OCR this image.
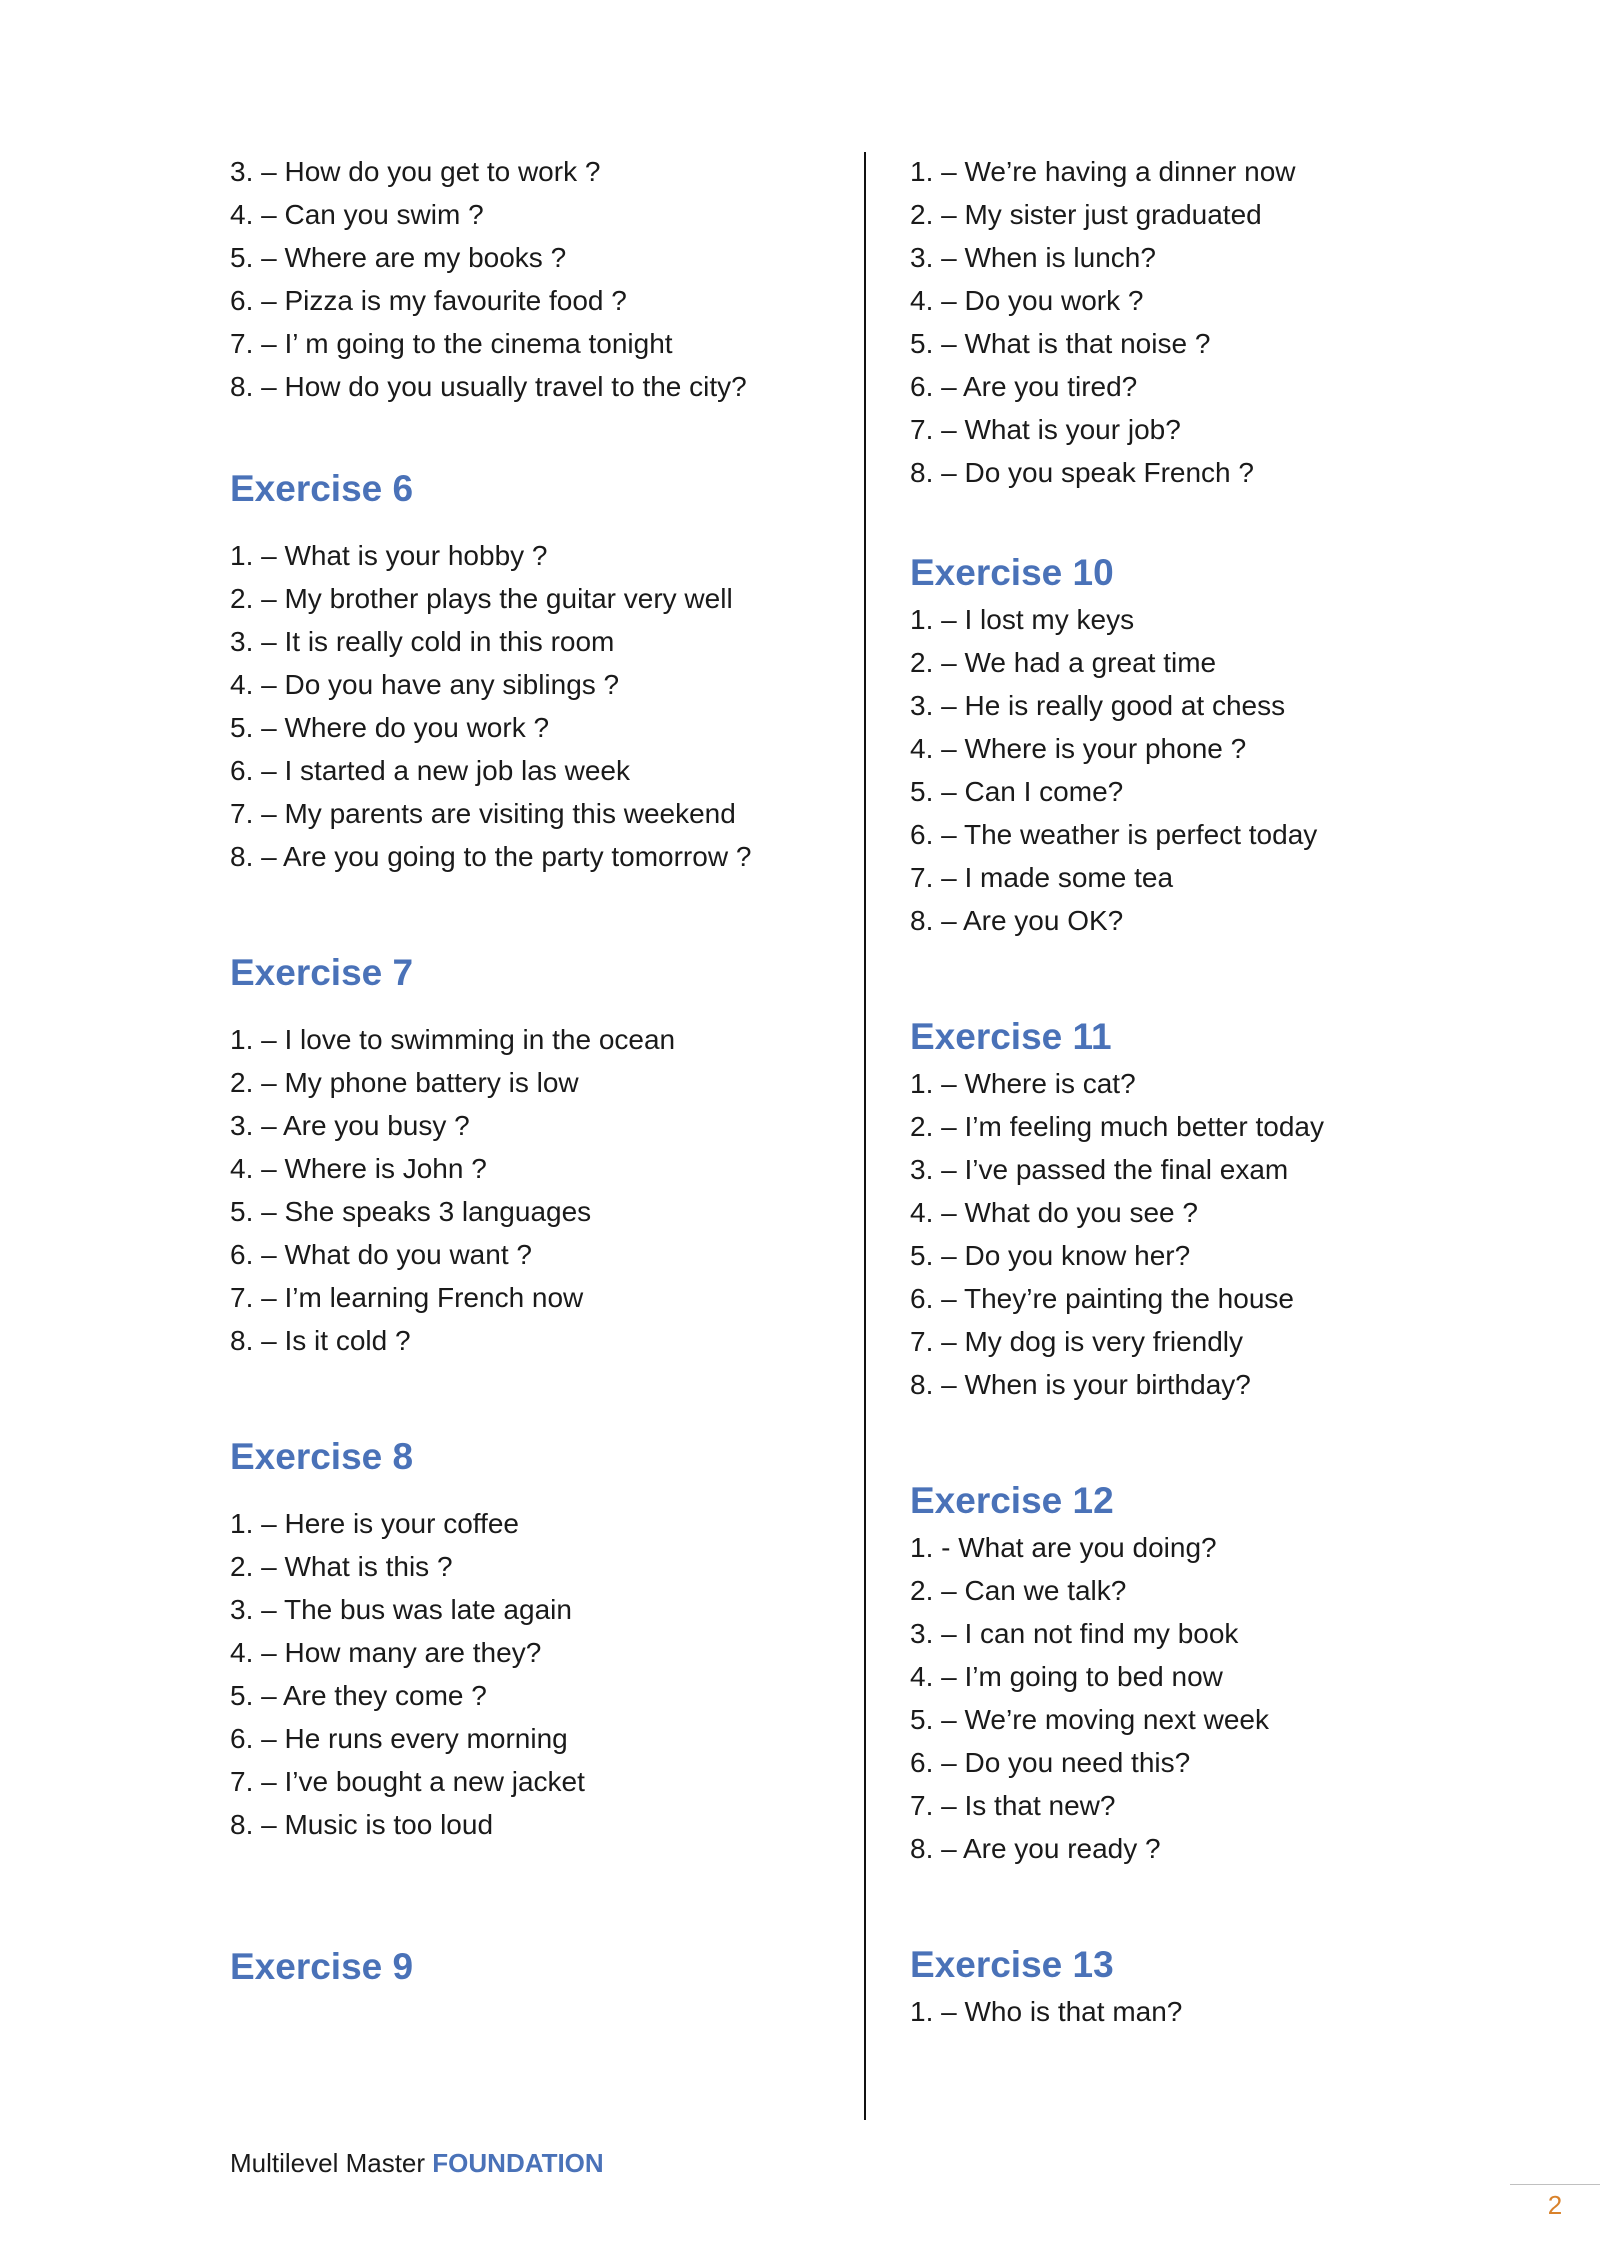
3. – How do you get to work ?
4. – Can you swim ?
5. – Where are my books ?
6. – Pizza is my favourite food ?
7. – I’ m going to the cinema tonight
8. – How do you usually travel to the city?
Exercise 6
1. – What is your hobby ?
2. – My brother plays the guitar very well
3. – It is really cold in this room
4. – Do you have any siblings ?
5. – Where do you work ?
6. – I started a new job las week
7. – My parents are visiting this weekend
8. – Are you going to the party tomorrow ?
Exercise 7
1. – I love to swimming in the ocean
2. – My phone battery is low
3. – Are you busy ?
4. – Where is John ?
5. – She speaks 3 languages
6. – What do you want ?
7. – I’m learning French now
8. – Is it cold ?
Exercise 8
1. – Here is your coffee
2. – What is this ?
3. – The bus was late again
4. – How many are they?
5. – Are they come ?
6. – He runs every morning
7. – I’ve bought a new jacket
8. – Music is too loud
Exercise 9
1. – We’re having a dinner now
2. – My sister just graduated
3. – When is lunch?
4. – Do you work ?
5. – What is that noise ?
6. – Are you tired?
7. – What is your job?
8. – Do you speak French ?
Exercise 10
1. – I lost my keys
2. – We had a great time
3. – He is really good at chess
4. – Where is your phone ?
5. – Can I come?
6. – The weather is perfect today
7. – I made some tea
8. – Are you OK?
Exercise 11
1. – Where is cat?
2. – I’m feeling much better today
3. – I’ve passed the final exam
4. – What do you see ?
5. – Do you know her?
6. – They’re painting the house
7. – My dog is very friendly
8. – When is your birthday?
Exercise 12
1. - What are you doing?
2. – Can we talk?
3. – I can not find my book
4. – I’m going to bed now
5. – We’re moving next week
6. – Do you need this?
7. – Is that new?
8. – Are you ready ?
Exercise 13
1. – Who is that man?
Multilevel Master FOUNDATION
2
